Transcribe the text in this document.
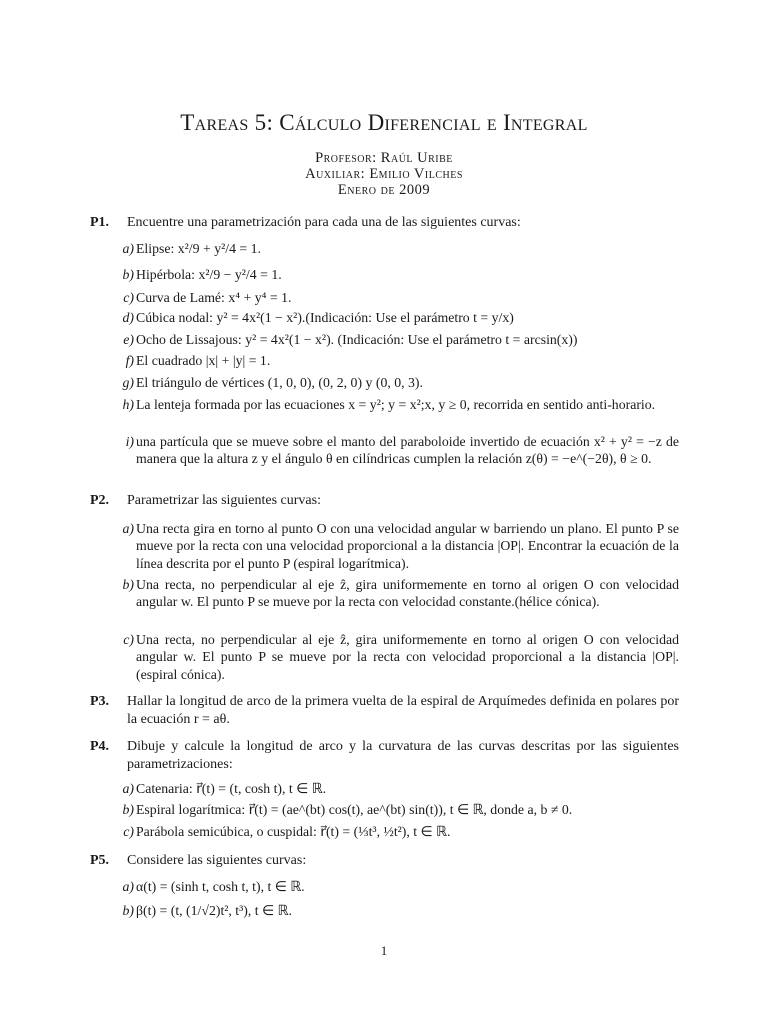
Tareas 5: Cálculo Diferencial e Integral
Profesor: Raúl Uribe
Auxiliar: Emilio Vilches
Enero de 2009
P1. Encuentre una parametrización para cada una de las siguientes curvas:
a) Elipse: x²/9 + y²/4 = 1.
b) Hipérbola: x²/9 − y²/4 = 1.
c) Curva de Lamé: x⁴ + y⁴ = 1.
d) Cúbica nodal: y² = 4x²(1 − x²).(Indicación: Use el parámetro t = y/x)
e) Ocho de Lissajous: y² = 4x²(1 − x²). (Indicación: Use el parámetro t = arcsin(x))
f) El cuadrado |x| + |y| = 1.
g) El triángulo de vértices (1, 0, 0), (0, 2, 0) y (0, 0, 3).
h) La lenteja formada por las ecuaciones x = y²; y = x²;x, y ≥ 0, recorrida en sentido anti-horario.
i) una partícula que se mueve sobre el manto del paraboloide invertido de ecuación x² + y² = −z de manera que la altura z y el ángulo θ en cilíndricas cumplen la relación z(θ) = −e^(−2θ), θ ≥ 0.
P2. Parametrizar las siguientes curvas:
a) Una recta gira en torno al punto O con una velocidad angular w barriendo un plano. El punto P se mueve por la recta con una velocidad proporcional a la distancia |OP|. Encontrar la ecuación de la línea descrita por el punto P (espiral logarítmica).
b) Una recta, no perpendicular al eje ẑ, gira uniformemente en torno al origen O con velocidad angular w. El punto P se mueve por la recta con velocidad constante.(hélice cónica).
c) Una recta, no perpendicular al eje ẑ, gira uniformemente en torno al origen O con velocidad angular w. El punto P se mueve por la recta con velocidad proporcional a la distancia |OP|. (espiral cónica).
P3. Hallar la longitud de arco de la primera vuelta de la espiral de Arquímedes definida en polares por la ecuación r = aθ.
P4. Dibuje y calcule la longitud de arco y la curvatura de las curvas descritas por las siguientes parametrizaciones:
a) Catenaria: r⃗(t) = (t, cosh t), t ∈ ℝ.
b) Espiral logarítmica: r⃗(t) = (ae^(bt) cos(t), ae^(bt) sin(t)), t ∈ ℝ, donde a, b ≠ 0.
c) Parábola semicúbica, o cuspidal: r⃗(t) = (⅓t³, ½t²), t ∈ ℝ.
P5. Considere las siguientes curvas:
a) α(t) = (sinh t, cosh t, t), t ∈ ℝ.
b) β(t) = (t, (1/√2)t², t³), t ∈ ℝ.
1
